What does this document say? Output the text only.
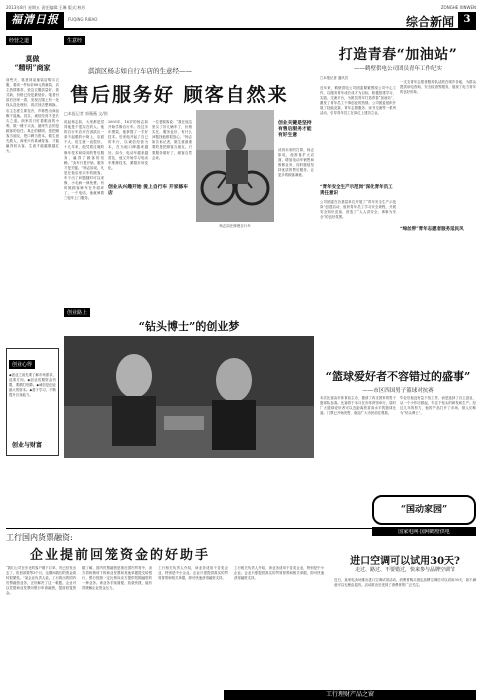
2013年8月 星期五 责任编辑:王琳 版式:林芳	ZONGHE XINWEN
福清日报	FUQING RIBAO	综合新闻 3
经营之道
莫做
“精明”商家
前些天，笔者到某童装店购买衣服，看到一件标价88元的童装，店主热情推荐，说这衣服质量好、款式新，价格已经是最低价。笔者付款后回家一看，发现衣服上有一处线头没处理好，再次回店想调换，店主态度立即变冷，声称售出商品概不退换。其实，诚信经营才是长久之道。商家若只盯着眼前的小利，做一锤子买卖，最终失去的是顾客的信任。真正的精明，是把顾客当朋友，把口碑当资本。做生意先做人，商家只有真诚待客，才能赢得回头客，生意才能越做越红火。
创业心得
◆创业之前先要了解市场需求，选准方向。◆创业初期资金有限，要精打细算。◆诚信是创业最大的资本。◆善于学习，不断提升自身能力。
创业与财富
生意经
淇滨区杨志如自行车店的生意经——
售后服务好 顾客自然来
□本报记者 郭薇薇 文/图
说起杨志如，大家都是觉得他是个很实在的人。他的自行车店开在淇滨区一条不起眼的小街上，店面不大，但生意一直很好。十几年来，他凭着过硬的修车技术和周到的售后服务，赢得了顾客的信赖。“卖车只是开始，服务才是关键。”杨志如说，凡是在他店里买车的顾客，车子出了问题随时可以来修，小毛病一律免费。有时候顾客骑车在外面坏了，一个电话，他就骑着三轮车上门服务。
2005年，16岁的杨志如开始学修自行车。经过多年摸索，他掌握了一手好技术。后来他开起了自己的车行，以诚信经营为本，在当地口碑越来越好。如今，电动车越来越普及，他又开始学习电动车维修技术，紧跟市场变化。
创业从兴趣开始 爱上自行车 开家修车店
一位老顾客说：“我在他这里买了好几辆车了，价格实在，服务也好，有什么问题找他都很放心。”杨志如告诉记者，做生意最重要的是把顾客当朋友。只要服务做好了，顾客自然会来。
杨志如在修理自行车
创业关键是坚持 有售后服务才能有好生意
谈到未来的打算，杨志如说，他准备扩大店面，增加电动车销售和维修业务，同时继续坚持优质的售后服务，让更多的顾客满意。
创业路上
“钻头博士”的创业梦
打造青春“加油站”
——鹤壁供电公司团员青年工作纪实
□本报记者 通讯员
近年来，鹤壁供电公司团委紧紧围绕公司中心工作，以服务青年成长成才为目标，积极搭建学习、实践、交流平台，为团员青年打造青春“加油站”，激发了青年员工干事创业的热情。公司团委组织开展了技能竞赛、青年志愿服务、读书交流等一系列活动，引导青年员工在岗位上建功立业。
“青年安全生产示范岗”深化青年员工责任意识
公司团委在各基层单位开展了“青年安全生产示范岗”创建活动，组织青年员工学习安全规程，开展安全知识竞赛，营造了“人人讲安全、事事为安全”的良好氛围。
“绿丝带”青年志愿者服务延民风
一支支青年志愿者服务队活跃在城乡各地，为群众提供用电咨询、安全检查等服务，展现了电力青年的良好形象。
“篮球爱好者不容错过的盛事”
——市区四国男子篮球对抗赛
本次比赛由市体育局主办，邀请了四支国家的男子篮球队参赛。比赛将于本月在市体育馆举行，届时广大篮球爱好者可以近距离欣赏高水平的篮球比赛。门票已开始发售，欢迎广大市民前往观看。
毕业后他没有急于找工作，而是选择了自主创业，从一个小作坊做起，专注于钻头的研发和生产。经过几年的努力，他的产品打开了市场，被人们称为“钻头博士”。
“国动家园”
国家电网·国网鹤壁供电
工行国内货票融资:
企业提前回笼资金的好助手
“我们公司在东北的客户刚下订单，货已经发出去了，但回款要等3个月，这期间我们的资金周转很紧张。”某企业负责人说。工行推出的国内货票融资业务，正好解决了这一难题。企业可以凭借商业发票向银行申请融资，提前回笼资金。
据了解，国内货票融资是指在国内贸易中，卖方将赊销项下的商业发票和其他单据提交给银行，银行按照一定比例向卖方提供短期融资的一种业务。该业务手续简便、放款快捷，能有效缓解企业资金压力。
工行相关负责人介绍，该业务适用于各类企业，特别是中小企业。企业只需提供真实的贸易背景和相关单据，即可快速获得融资支持。
工行相关负责人介绍，该业务适用于各类企业，特别是中小企业。企业只需提供真实的贸易背景和相关单据，即可快速获得融资支持。
进口空调可以试用30天?
走过、路过、不要错过，快来参与品牌空调节
近日，某家电卖场推出进口空调试用活动，消费者购买指定品牌空调后可以试用30天，如不满意可以无理由退货。活动推出后受到了消费者的广泛关注。
工行理财产品之窗
